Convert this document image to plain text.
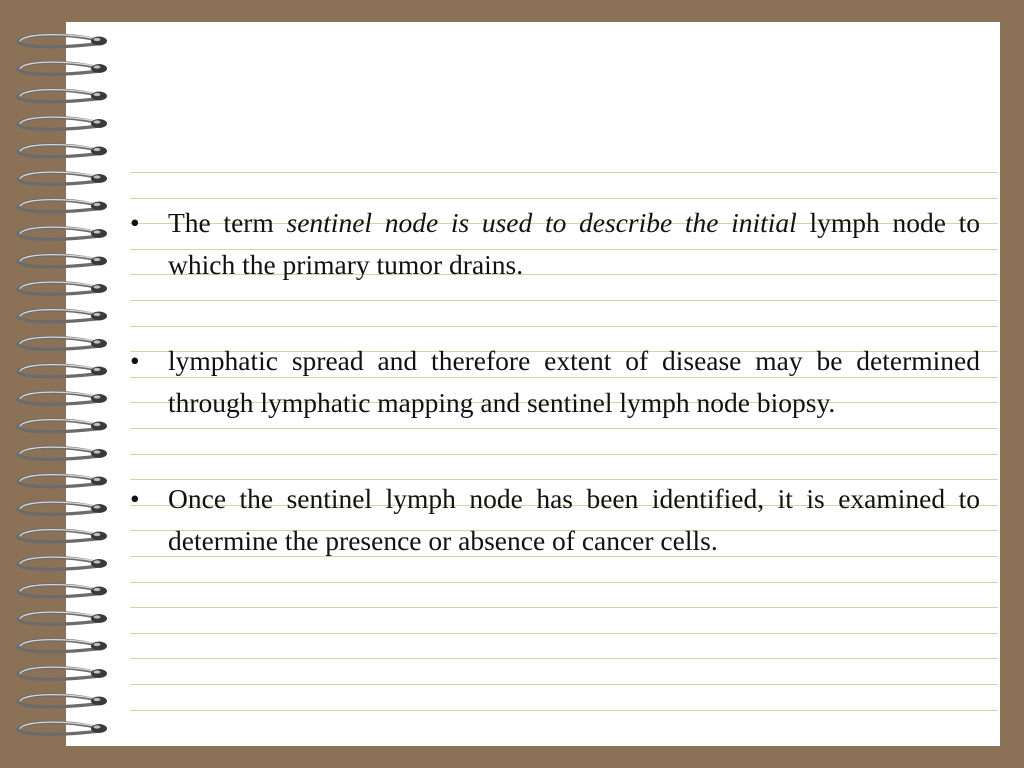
•	The term sentinel node is used to describe the initial lymph node to which the primary tumor drains.

•	lymphatic spread and therefore extent of disease may be determined through lymphatic mapping and sentinel lymph node biopsy.

•	Once the sentinel lymph node has been identified, it is examined to determine the presence or absence of cancer cells.
